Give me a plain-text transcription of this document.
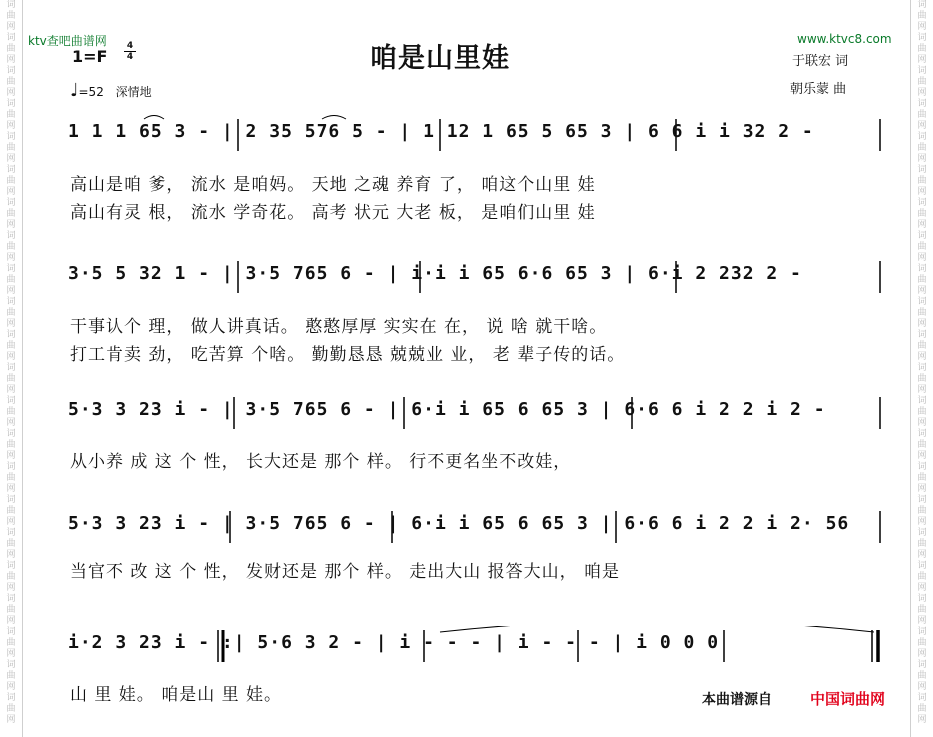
词
曲
网
词
曲
网
词
曲
网
词
曲
网
词
曲
网
词
曲
网
词
曲
网
词
曲
网
词
曲
网
词
曲
网
词
曲
网
词
曲
网
词
曲
网
词
曲
网
词
曲
网
词
曲
网
词
曲
网
词
曲
网
词
曲
网
词
曲
网
词
曲
网
词
曲
网
词
曲
网
词
曲
网
词
曲
网
词
曲
网
词
曲
网
词
曲
网
词
曲
网
词
曲
网
词
曲
网
词
曲
网
词
曲
网
词
曲
网
词
曲
网
词
曲
网
词
曲
网
词
曲
网
词
曲
网
词
曲
网
词
曲
网
词
曲
网
词
曲
网
词
曲
网
ktv查吧曲谱网	www.ktvc8.com
咱是山里娃
1=F
4
4
♩=52 深情地
于联宏 词
朝乐蒙 曲
1 1 1 65 3 - | 2 35 576 5 - | 1 12 1 65 5 65 3 | 6 6 i i 32 2 -
高山是咱 爹， 流水 是咱妈。 天地 之魂 养育 了， 咱这个山里 娃
高山有灵 根， 流水 学奇花。 高考 状元 大老 板， 是咱们山里 娃
3·5 5 32 1 - | 3·5 765 6 - | i·i i 65 6·6 65 3 | 6·i 2 232 2 -
干事认个 理， 做人讲真话。 憨憨厚厚 实实在 在， 说 啥 就干啥。
打工肯卖 劲， 吃苦算 个啥。 勤勤恳恳 兢兢业 业， 老 辈子传的话。
5·3 3 23 i - | 3·5 765 6 - | 6·i i 65 6 65 3 | 6·6 6 i 2 2 i 2 -
从小养 成 这 个 性， 长大还是 那个 样。 行不更名坐不改娃，
5·3 3 23 i - | 3·5 765 6 - | 6·i i 65 6 65 3 | 6·6 6 i 2 2 i 2· 56
当官不 改 这 个 性， 发财还是 那个 样。 走出大山 报答大山， 咱是
i·2 3 23 i - :| 5·6 3 2 - | i - - - | i - - - | i 0 0 0
山 里 娃。 咱是山 里 娃。	本曲谱源自	中国词曲网
